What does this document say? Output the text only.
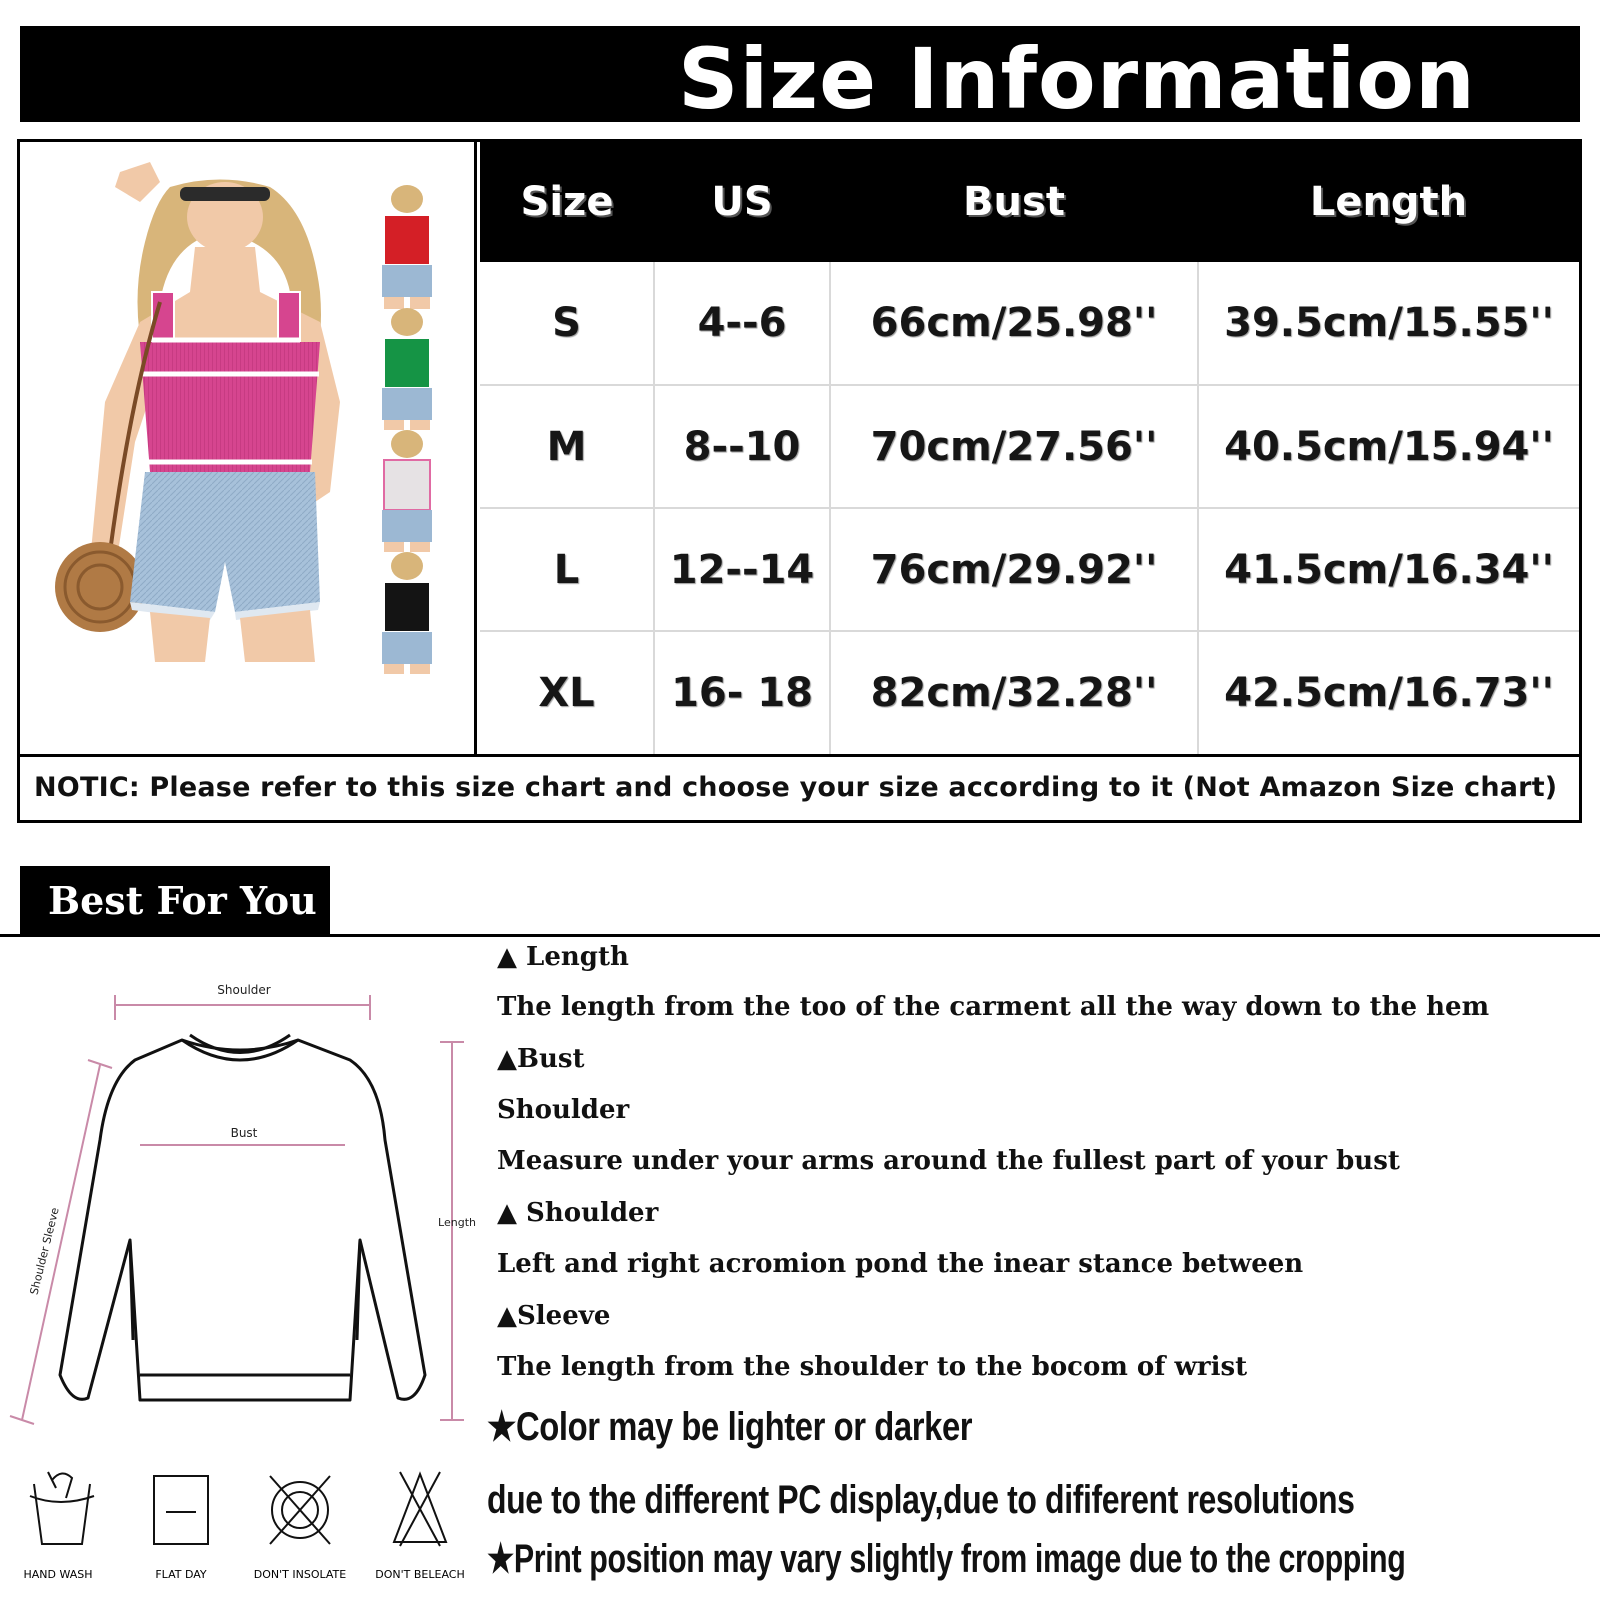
Size Information
Size	US	Bust	Length
S	4--6	66cm/25.98''	39.5cm/15.55''
M	8--10	70cm/27.56''	40.5cm/15.94''
L	12--14	76cm/29.92''	41.5cm/16.34''
XL	16- 18	82cm/32.28''	42.5cm/16.73''
NOTIC: Please refer to this size chart and choose your size according to it (Not Amazon Size chart)
Best For You
Shoulder
Bust
Length
Shoulder Sleeve
HAND WASH	FLAT DAY	DON'T INSOLATE	DON'T BELEACH
▲ Length
The length from the too of the carment all the way down to the hem
▲Bust
Shoulder
Measure under your arms around the fullest part of your bust
▲ Shoulder
Left and right acromion pond the inear stance between
▲Sleeve
The length from the shoulder to the bocom of wrist
★Color may be lighter or darker
due to the different PC display,due to dififerent resolutions
★Print position may vary slightly from image due to the cropping
